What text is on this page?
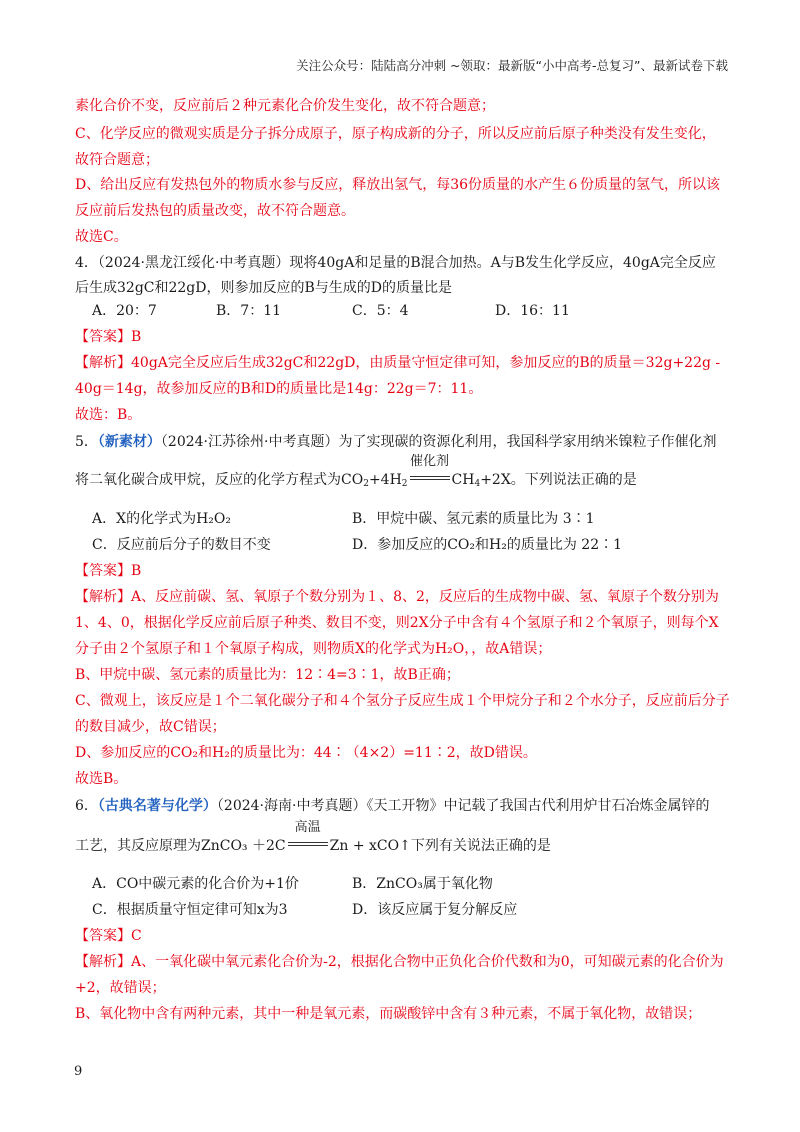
关注公众号：陆陆高分冲刺 ~领取：最新版“小中高考-总复习”、最新试卷下载
素化合价不变，反应前后２种元素化合价发生变化，故不符合题意；
C、化学反应的微观实质是分子拆分成原子，原子构成新的分子，所以反应前后原子种类没有发生变化，
故符合题意；
D、给出反应有发热包外的物质水参与反应，释放出氢气，每36份质量的水产生６份质量的氢气，所以该
反应前后发热包的质量改变，故不符合题意。
故选C。
4．（2024·黑龙江绥化·中考真题）现将40gA和足量的B混合加热。A与B发生化学反应，40gA完全反应
后生成32gC和22gD，则参加反应的B与生成的D的质量比是
A．20：7	B．7：11	C．5：4	D．16：11
【答案】B
【解析】40gA完全反应后生成32gC和22gD，由质量守恒定律可知，参加反应的B的质量＝32g+22g -
40g＝14g，故参加反应的B和D的质量比是14g：22g＝7：11。
故选：B。
5．（新素材）（2024·江苏徐州·中考真题）为了实现碳的资源化利用，我国科学家用纳米镍粒子作催化剂
将二氧化碳合成甲烷，反应的化学方程式为$CO_2+4H_2$
催化剂
$CH_4+2X$。下列说法正确的是
A．X的化学式为H₂O₂	B．甲烷中碳、氢元素的质量比为 3∶1
C．反应前后分子的数目不变	D．参加反应的CO₂和H₂的质量比为 22∶1
【答案】B
【解析】A、反应前碳、氢、氧原子个数分别为１、8、2，反应后的生成物中碳、氢、氧原子个数分别为
1、4、0，根据化学反应前后原子种类、数目不变，则2X分子中含有４个氢原子和２个氧原子，则每个X
分子由２个氢原子和１个氧原子构成，则物质X的化学式为H₂O，，故A错误；
B、甲烷中碳、氢元素的质量比为：12∶4=3∶1，故B正确；
C、微观上，该反应是１个二氧化碳分子和４个氢分子反应生成１个甲烷分子和２个水分子，反应前后分子
的数目减少，故C错误；
D、参加反应的CO₂和H₂的质量比为：44∶（4×2）=11∶2，故D错误。
故选B。
6．（古典名著与化学）（2024·海南·中考真题）《天工开物》中记载了我国古代利用炉甘石冶炼金属锌的
工艺，其反应原理为ZnCO₃ ＋2C
高温
Zn + xCO↑下列有关说法正确的是
A．CO中碳元素的化合价为+1价	B．ZnCO₃属于氧化物
C．根据质量守恒定律可知x为3	D．该反应属于复分解反应
【答案】C
【解析】A、一氧化碳中氧元素化合价为-2，根据化合物中正负化合价代数和为0，可知碳元素的化合价为
+2，故错误；
B、氧化物中含有两种元素，其中一种是氧元素，而碳酸锌中含有３种元素，不属于氧化物，故错误；
9
